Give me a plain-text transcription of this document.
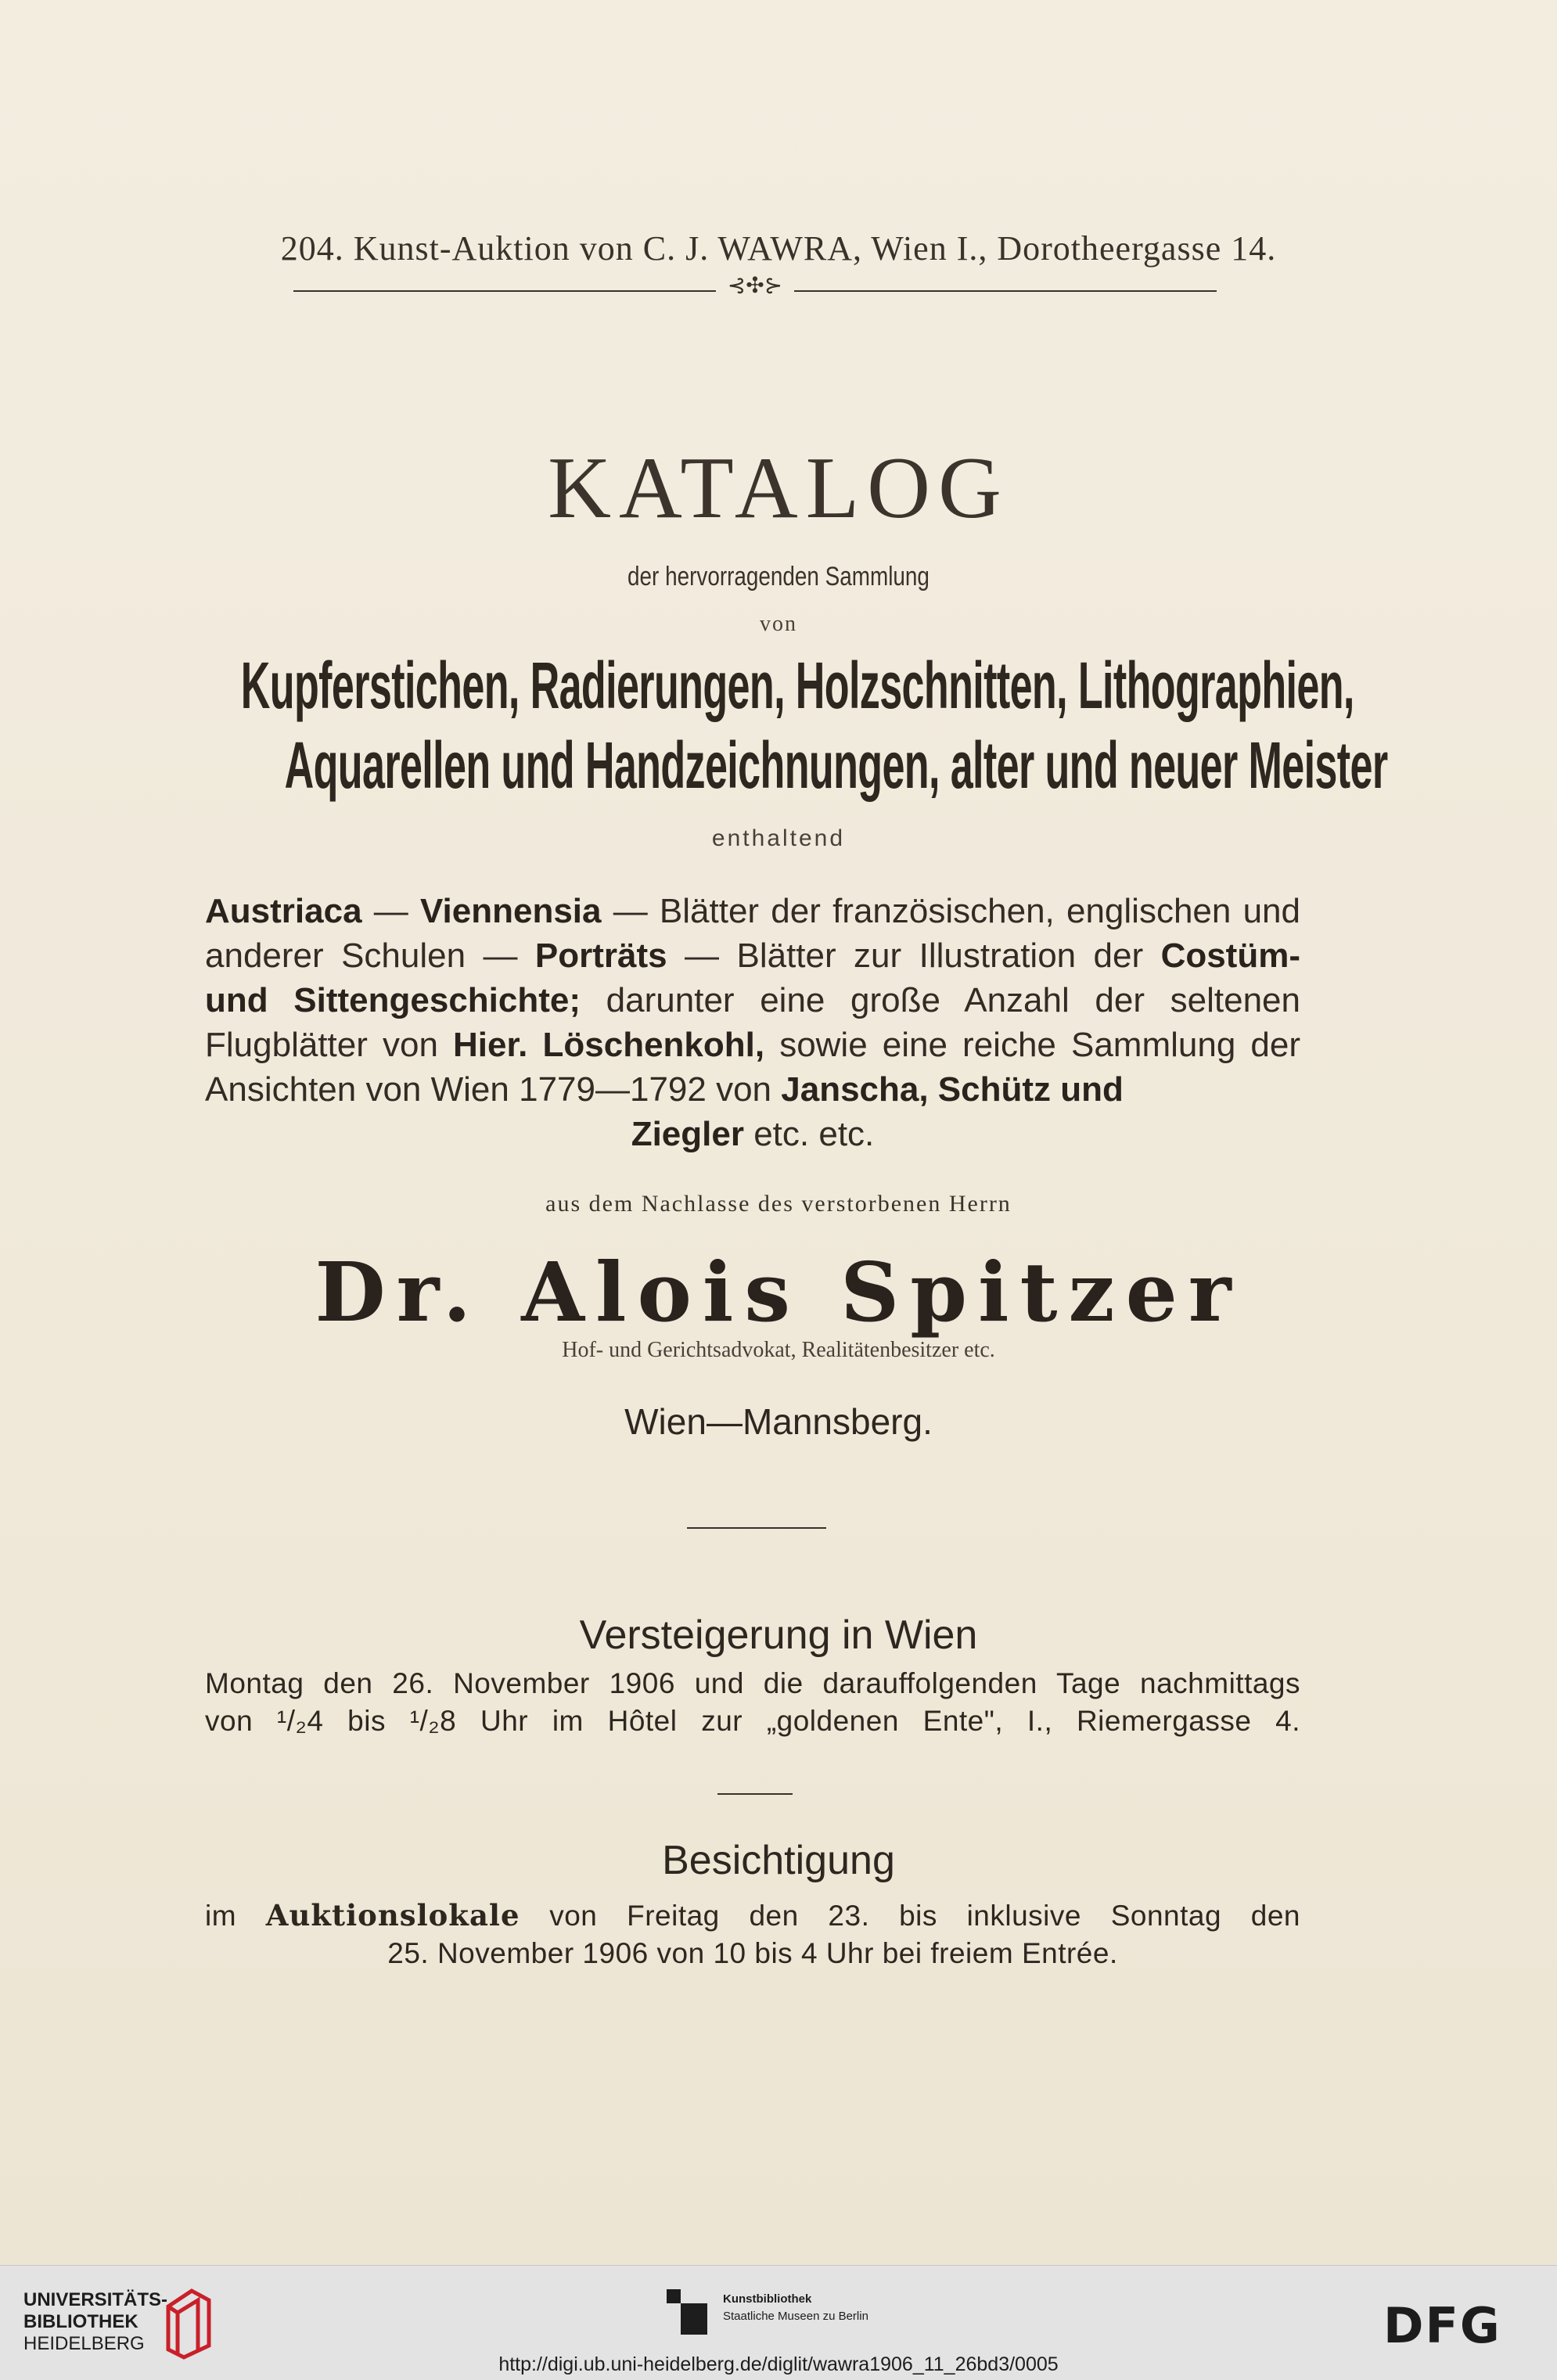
204. Kunst-Auktion von C. J. WAWRA, Wien I., Dorotheergasse 14.
⊰✣⊱
KATALOG
der hervorragenden Sammlung
von
Kupferstichen, Radierungen, Holzschnitten, Lithographien,
Aquarellen und Handzeichnungen, alter und neuer Meister
enthaltend
Austriaca — Viennensia — Blätter der französischen, englischen und anderer Schulen — Porträts — Blätter zur Illustration der Costüm- und Sittengeschichte; darunter eine große Anzahl der seltenen Flugblätter von Hier. Löschenkohl, sowie eine reiche Sammlung der Ansichten von Wien 1779—1792 von Janscha, Schütz und
Ziegler etc. etc.
aus dem Nachlasse des verstorbenen Herrn
Dr. Alois Spitzer
Hof- und Gerichtsadvokat, Realitätenbesitzer etc.
Wien—Mannsberg.
Versteigerung in Wien
Montag den 26. November 1906 und die darauffolgenden Tage nachmittags
von ¹/₂4 bis ¹/₂8 Uhr im Hôtel zur „goldenen Ente", I., Riemergasse 4.
Besichtigung
im Auktionslokale von Freitag den 23. bis inklusive Sonntag den
25. November 1906 von 10 bis 4 Uhr bei freiem Entrée.
UNIVERSITÄTS-
BIBLIOTHEK
HEIDELBERG
Kunstbibliothek
Staatliche Museen zu Berlin	DFG
http://digi.ub.uni-heidelberg.de/diglit/wawra1906_11_26bd3/0005
